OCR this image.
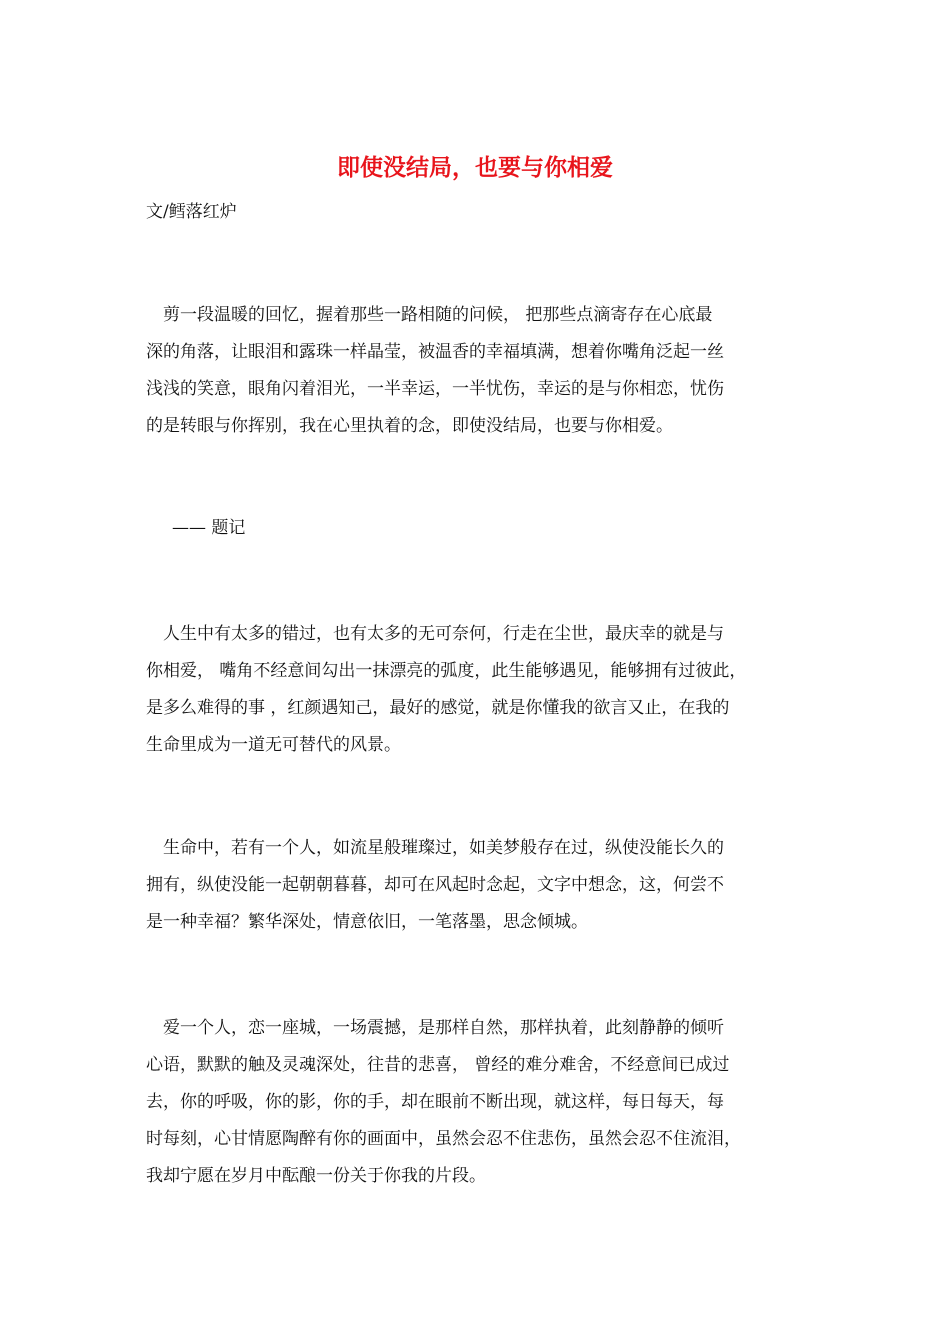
即使没结局，也要与你相爱
文/鳕落红炉

　剪一段温暖的回忆，握着那些一路相随的问候， 把那些点滴寄存在心底最
深的角落，让眼泪和露珠一样晶莹，被温香的幸福填满，想着你嘴角泛起一丝
浅浅的笑意，眼角闪着泪光，一半幸运，一半忧伤，幸运的是与你相恋，忧伤
的是转眼与你挥别，我在心里执着的念，即使没结局，也要与你相爱。

—— 题记

　人生中有太多的错过，也有太多的无可奈何，行走在尘世，最庆幸的就是与
你相爱， 嘴角不经意间勾出一抹漂亮的弧度，此生能够遇见，能够拥有过彼此，
是多么难得的事 ，红颜遇知己，最好的感觉，就是你懂我的欲言又止，在我的
生命里成为一道无可替代的风景。

　生命中，若有一个人，如流星般璀璨过，如美梦般存在过，纵使没能长久的
拥有，纵使没能一起朝朝暮暮，却可在风起时念起，文字中想念，这，何尝不
是一种幸福？繁华深处，情意依旧，一笔落墨，思念倾城。

　爱一个人，恋一座城，一场震撼，是那样自然，那样执着，此刻静静的倾听
心语，默默的触及灵魂深处，往昔的悲喜， 曾经的难分难舍，不经意间已成过
去，你的呼吸，你的影，你的手，却在眼前不断出现，就这样，每日每天，每
时每刻，心甘情愿陶醉有你的画面中，虽然会忍不住悲伤，虽然会忍不住流泪，
我却宁愿在岁月中酝酿一份关于你我的片段。
